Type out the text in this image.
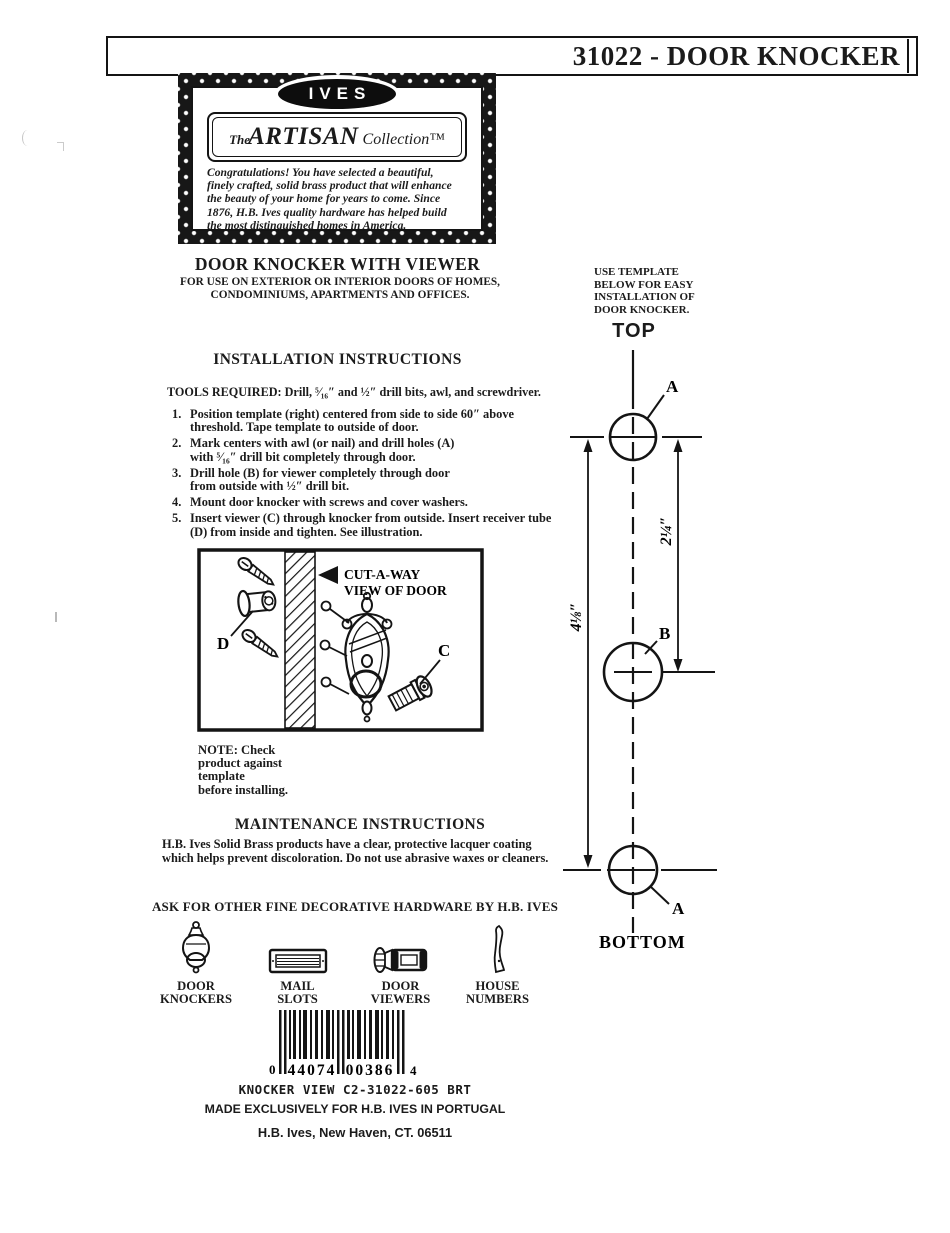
31022 - DOOR KNOCKER
IVES
TheARTISAN Collection™
Congratulations! You have selected a beautiful,
finely crafted, solid brass product that will enhance
the beauty of your home for years to come. Since
1876, H.B. Ives quality hardware has helped build
the most distinguished homes in America.
DOOR KNOCKER WITH VIEWER
FOR USE ON EXTERIOR OR INTERIOR DOORS OF HOMES,
CONDOMINIUMS, APARTMENTS AND OFFICES.
INSTALLATION INSTRUCTIONS
TOOLS REQUIRED: Drill, ⁵⁄₁₆″ and ½″ drill bits, awl, and screwdriver.
1. Position template (right) centered from side to side 60″ above
threshold. Tape template to outside of door.
2. Mark centers with awl (or nail) and drill holes (A)
with ⁵⁄₁₆″ drill bit completely through door.
3. Drill hole (B) for viewer completely through door
from outside with ½″ drill bit.
4. Mount door knocker with screws and cover washers.
5. Insert viewer (C) through knocker from outside. Insert receiver tube
(D) from inside and tighten. See illustration.
CUT-A-WAY
VIEW OF DOOR
D	C
NOTE: Check
product against
template
before installing.
MAINTENANCE INSTRUCTIONS
H.B. Ives Solid Brass products have a clear, protective lacquer coating
which helps prevent discoloration. Do not use abrasive waxes or cleaners.
ASK FOR OTHER FINE DECORATIVE HARDWARE BY H.B. IVES
DOOR
KNOCKERS
MAIL
SLOTS
DOOR
VIEWERS
HOUSE
NUMBERS
0 44074 00386 4
KNOCKER VIEW C2-31022-605 BRT
MADE EXCLUSIVELY FOR H.B. IVES IN PORTUGAL
H.B. Ives, New Haven, CT. 06511
USE TEMPLATE
BELOW FOR EASY
INSTALLATION OF
DOOR KNOCKER.
TOP
A
4⅛″
2¼″
B
A
BOTTOM
